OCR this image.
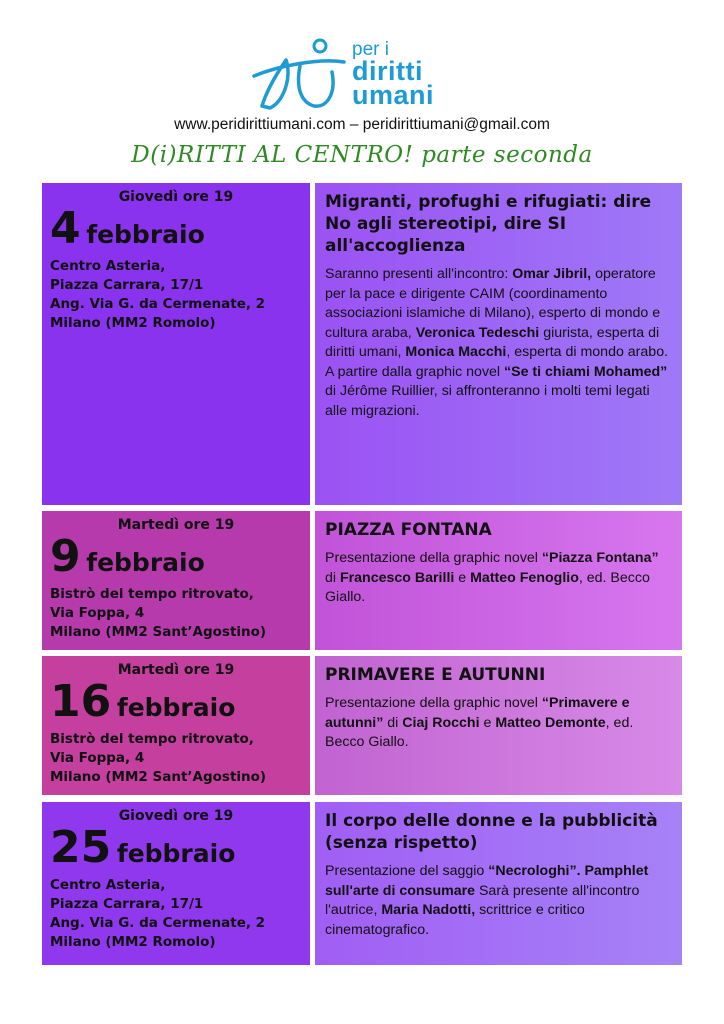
per i
diritti
umani
www.peridirittiumani.com – peridirittiumani@gmail.com
D(i)RITTI AL CENTRO! parte seconda
Giovedì ore 19
4 febbraio
Centro Asteria,
Piazza Carrara, 17/1
Ang. Via G. da Cermenate, 2
Milano (MM2 Romolo)
Migranti, profughi e rifugiati: dire No agli stereotipi, dire SI all'accoglienza
Saranno presenti all'incontro: Omar Jibril, operatore per la pace e dirigente CAIM (coordinamento associazioni islamiche di Milano), esperto di mondo e cultura araba, Veronica Tedeschi giurista, esperta di diritti umani, Monica Macchi, esperta di mondo arabo.
A partire dalla graphic novel “Se ti chiami Mohamed” di Jérôme Ruillier, si affronteranno i molti temi legati alle migrazioni.
Martedì ore 19
9 febbraio
Bistrò del tempo ritrovato,
Via Foppa, 4
Milano (MM2 Sant’Agostino)
PIAZZA FONTANA
Presentazione della graphic novel “Piazza Fontana” di Francesco Barilli e Matteo Fenoglio, ed. Becco Giallo.
Martedì ore 19
16 febbraio
Bistrò del tempo ritrovato,
Via Foppa, 4
Milano (MM2 Sant’Agostino)
PRIMAVERE E AUTUNNI
Presentazione della graphic novel “Primavere e autunni” di Ciaj Rocchi e Matteo Demonte, ed. Becco Giallo.
Giovedì ore 19
25 febbraio
Centro Asteria,
Piazza Carrara, 17/1
Ang. Via G. da Cermenate, 2
Milano (MM2 Romolo)
Il corpo delle donne e la pubblicità (senza rispetto)
Presentazione del saggio “Necrologhi”. Pamphlet sull'arte di consumare Sarà presente all'incontro l'autrice, Maria Nadotti, scrittrice e critico cinematografico.
